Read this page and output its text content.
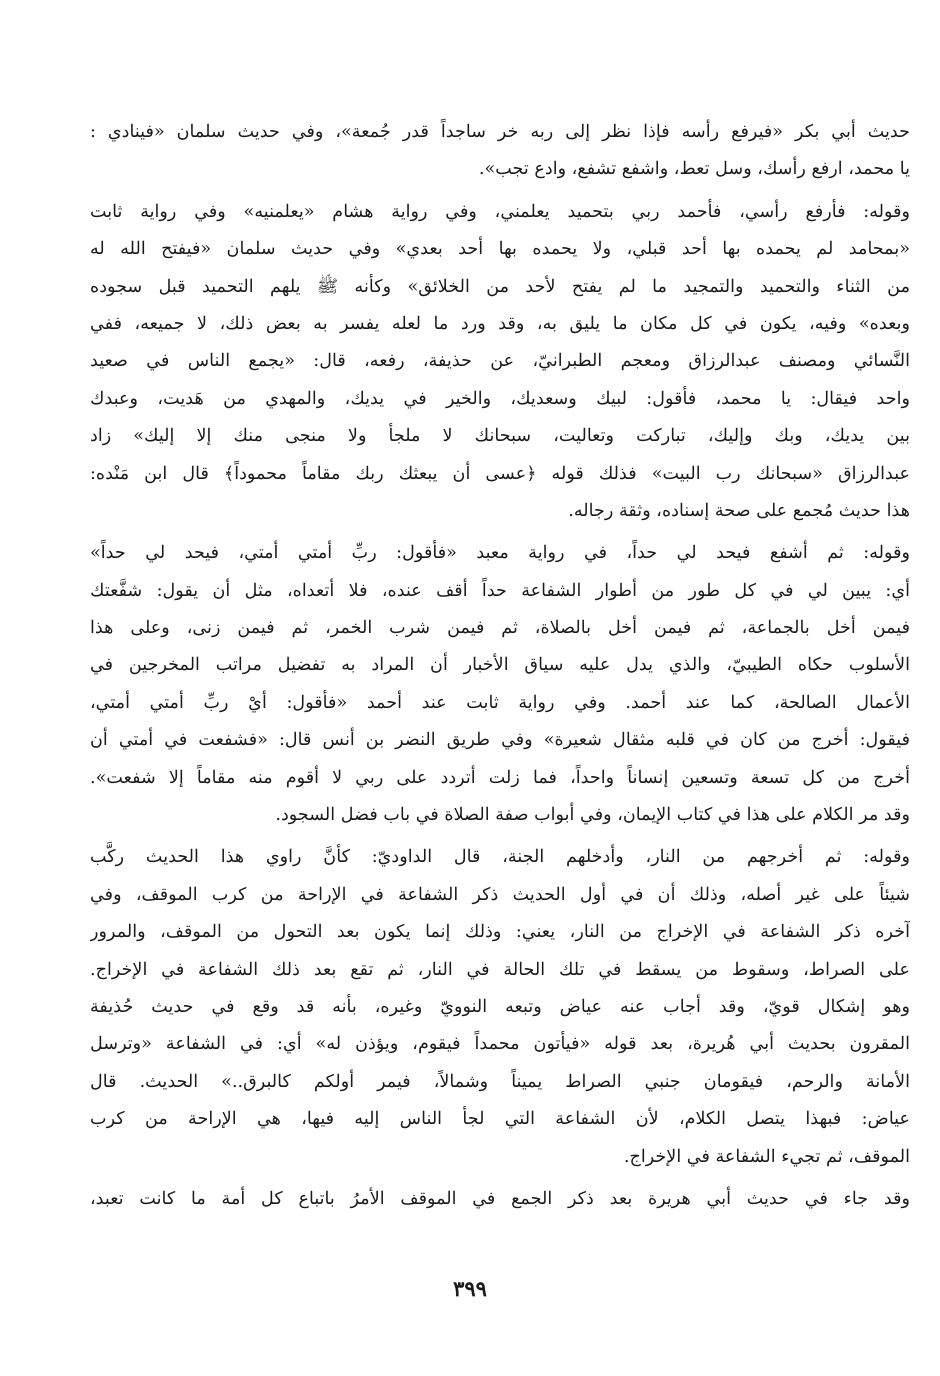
حديث أبي بكر «فيرفع رأسه فإذا نظر إلى ربه خر ساجداً قدر جُمعة»، وفي حديث سلمان «فينادي :
يا محمد، ارفع رأسك، وسل تعط، واشفع تشفع، وادع تجب».
وقوله: فأرفع رأسي، فأحمد ربي بتحميد يعلمني، وفي رواية هشام «يعلمنيه» وفي رواية ثابت
«بمحامد لم يحمده بها أحد قبلي، ولا يحمده بها أحد بعدي» وفي حديث سلمان «فيفتح الله له
من الثناء والتحميد والتمجيد ما لم يفتح لأحد من الخلائق» وكأنه ﷺ يلهم التحميد قبل سجوده
وبعده» وفيه، يكون في كل مكان ما يليق به، وقد ورد ما لعله يفسر به بعض ذلك، لا جميعه، ففي
النَّسائي ومصنف عبدالرزاق ومعجم الطبرانيّ، عن حذيفة، رفعه، قال: «يجمع الناس في صعيد
واحد فيقال: يا محمد، فأقول: لبيك وسعديك، والخير في يديك، والمهدي من هَديت، وعبدك
بين يديك، وبك وإليك، تباركت وتعاليت، سبحانك لا ملجأ ولا منجى منك إلا إليك» زاد
عبدالرزاق «سبحانك رب البيت» فذلك قوله ﴿عسى أن يبعثك ربك مقاماً محموداً﴾ قال ابن مَنْده:
هذا حديث مُجمع على صحة إسناده، وثقة رجاله.
وقوله: ثم أشفع فيحد لي حداً، في رواية معبد «فأقول: ربِّ أمتي أمتي، فيحد لي حداً»
أي: يبين لي في كل طور من أطوار الشفاعة حداً أقف عنده، فلا أتعداه، مثل أن يقول: شفَّعتك
فيمن أخل بالجماعة، ثم فيمن أخل بالصلاة، ثم فيمن شرب الخمر، ثم فيمن زنى، وعلى هذا
الأسلوب حكاه الطيبيّ، والذي يدل عليه سياق الأخبار أن المراد به تفضيل مراتب المخرجين في
الأعمال الصالحة، كما عند أحمد. وفي رواية ثابت عند أحمد «فأقول: أيْ ربِّ أمتي أمتي،
فيقول: أخرج من كان في قلبه مثقال شعيرة» وفي طريق النضر بن أنس قال: «فشفعت في أمتي أن
أخرج من كل تسعة وتسعين إنساناً واحداً، فما زلت أتردد على ربي لا أقوم منه مقاماً إلا شفعت».
وقد مر الكلام على هذا في كتاب الإيمان، وفي أبواب صفة الصلاة في باب فضل السجود.
وقوله: ثم أخرجهم من النار، وأدخلهم الجنة، قال الداوديّ: كأنَّ راوي هذا الحديث ركَّب
شيئاً على غير أصله، وذلك أن في أول الحديث ذكر الشفاعة في الإراحة من كرب الموقف، وفي
آخره ذكر الشفاعة في الإخراج من النار، يعني: وذلك إنما يكون بعد التحول من الموقف، والمرور
على الصراط، وسقوط من يسقط في تلك الحالة في النار، ثم تقع بعد ذلك الشفاعة في الإخراج.
وهو إشكال قويّ، وقد أجاب عنه عياض وتبعه النوويّ وغيره، بأنه قد وقع في حديث حُذيفة
المقرون بحديث أبي هُريرة، بعد قوله «فيأتون محمداً فيقوم، ويؤذن له» أي: في الشفاعة «وترسل
الأمانة والرحم، فيقومان جنبي الصراط يميناً وشمالاً، فيمر أولكم كالبرق..» الحديث. قال
عياض: فبهذا يتصل الكلام، لأن الشفاعة التي لجأ الناس إليه فيها، هي الإراحة من كرب
الموقف، ثم تجيء الشفاعة في الإخراج.
وقد جاء في حديث أبي هريرة بعد ذكر الجمع في الموقف الأمرُ باتباع كل أمة ما كانت تعبد،
٣٩٩
